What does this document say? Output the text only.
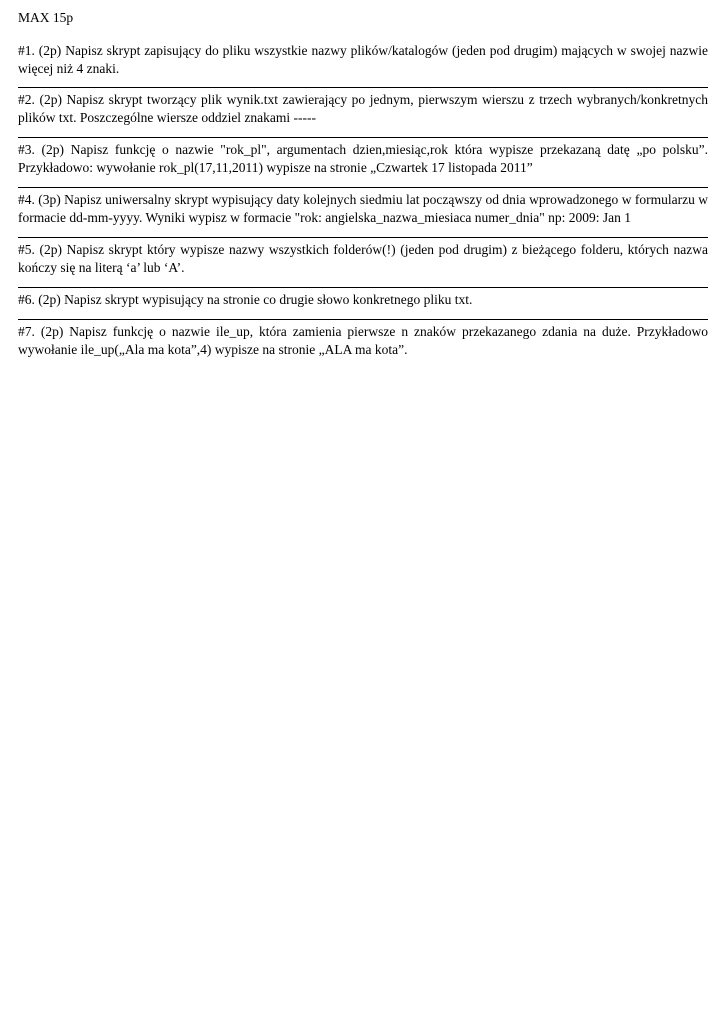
MAX 15p

#1. (2p) Napisz skrypt zapisujący do pliku wszystkie nazwy plików/katalogów (jeden pod drugim) mających w swojej nazwie więcej niż 4 znaki.

#2. (2p) Napisz skrypt tworzący plik wynik.txt zawierający po jednym, pierwszym wierszu z trzech wybranych/konkretnych plików txt. Poszczególne wiersze oddziel znakami -----

#3. (2p) Napisz funkcję o nazwie "rok_pl", argumentach dzien,miesiąc,rok która wypisze przekazaną datę „po polsku”. Przykładowo: wywołanie rok_pl(17,11,2011) wypisze na stronie „Czwartek 17 listopada 2011”

#4. (3p) Napisz uniwersalny skrypt wypisujący daty kolejnych siedmiu lat począwszy od dnia wprowadzonego w formularzu w formacie dd-mm-yyyy. Wyniki wypisz w formacie "rok: angielska_nazwa_miesiaca numer_dnia" np: 2009: Jan 1

#5. (2p) Napisz skrypt który wypisze nazwy wszystkich folderów(!) (jeden pod drugim) z bieżącego folderu, których nazwa kończy się na literą ‘a’ lub ‘A’.

#6. (2p) Napisz skrypt wypisujący na stronie co drugie słowo konkretnego pliku txt.

#7. (2p) Napisz funkcję o nazwie ile_up, która zamienia pierwsze n znaków przekazanego zdania na duże. Przykładowo wywołanie ile_up(„Ala ma kota”,4) wypisze na stronie „ALA ma kota”.
